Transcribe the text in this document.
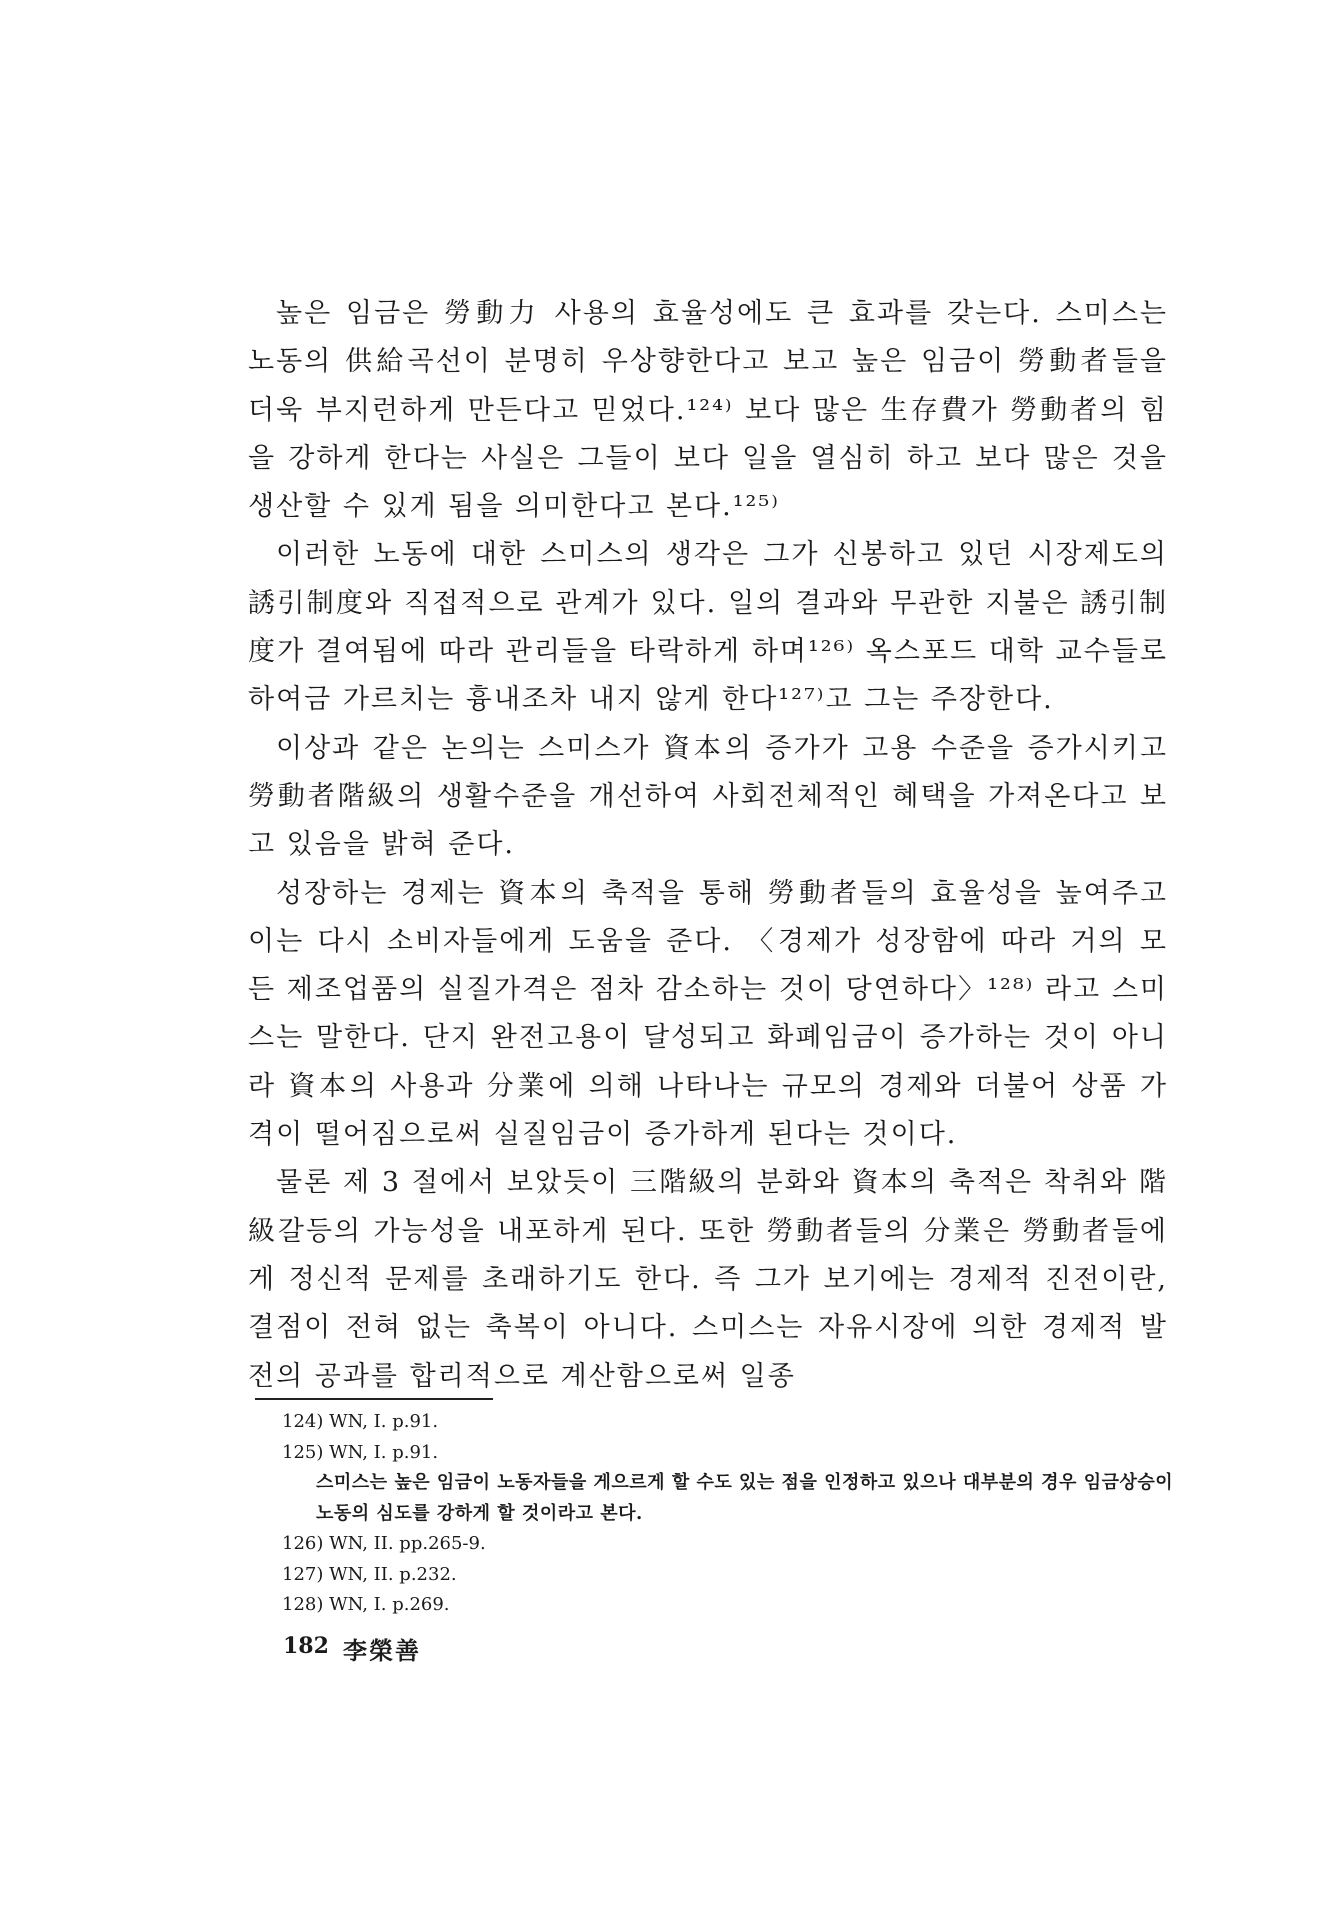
높은 임금은 勞動力 사용의 효율성에도 큰 효과를 갖는다. 스미스는 노동의 供給곡선이 분명히 우상향한다고 보고 높은 임금이 勞動者들을 더욱 부지런하게 만든다고 믿었다.¹²⁴⁾ 보다 많은 生存費가 勞動者의 힘을 강하게 한다는 사실은 그들이 보다 일을 열심히 하고 보다 많은 것을 생산할 수 있게 됨을 의미한다고 본다.¹²⁵⁾

이러한 노동에 대한 스미스의 생각은 그가 신봉하고 있던 시장제도의 誘引制度와 직접적으로 관계가 있다. 일의 결과와 무관한 지불은 誘引制度가 결여됨에 따라 관리들을 타락하게 하며¹²⁶⁾ 옥스포드 대학 교수들로 하여금 가르치는 흉내조차 내지 않게 한다¹²⁷⁾고 그는 주장한다.

이상과 같은 논의는 스미스가 資本의 증가가 고용 수준을 증가시키고 勞動者階級의 생활수준을 개선하여 사회전체적인 혜택을 가져온다고 보고 있음을 밝혀 준다.

성장하는 경제는 資本의 축적을 통해 勞動者들의 효율성을 높여주고 이는 다시 소비자들에게 도움을 준다. 〈경제가 성장함에 따라 거의 모든 제조업품의 실질가격은 점차 감소하는 것이 당연하다〉¹²⁸⁾ 라고 스미스는 말한다. 단지 완전고용이 달성되고 화폐임금이 증가하는 것이 아니라 資本의 사용과 分業에 의해 나타나는 규모의 경제와 더불어 상품 가격이 떨어짐으로써 실질임금이 증가하게 된다는 것이다.

물론 제 3 절에서 보았듯이 三階級의 분화와 資本의 축적은 착취와 階級갈등의 가능성을 내포하게 된다. 또한 勞動者들의 分業은 勞動者들에게 정신적 문제를 초래하기도 한다. 즉 그가 보기에는 경제적 진전이란, 결점이 전혀 없는 축복이 아니다. 스미스는 자유시장에 의한 경제적 발전의 공과를 합리적으로 계산함으로써 일종

124) WN, I. p.91.

125) WN, I. p.91.

스미스는 높은 임금이 노동자들을 게으르게 할 수도 있는 점을 인정하고 있으나 대부분의 경우 임금상승이 노동의 심도를 강하게 할 것이라고 본다.

126) WN, II. pp.265-9.

127) WN, II. p.232.

128) WN, I. p.269.

182 李榮善
